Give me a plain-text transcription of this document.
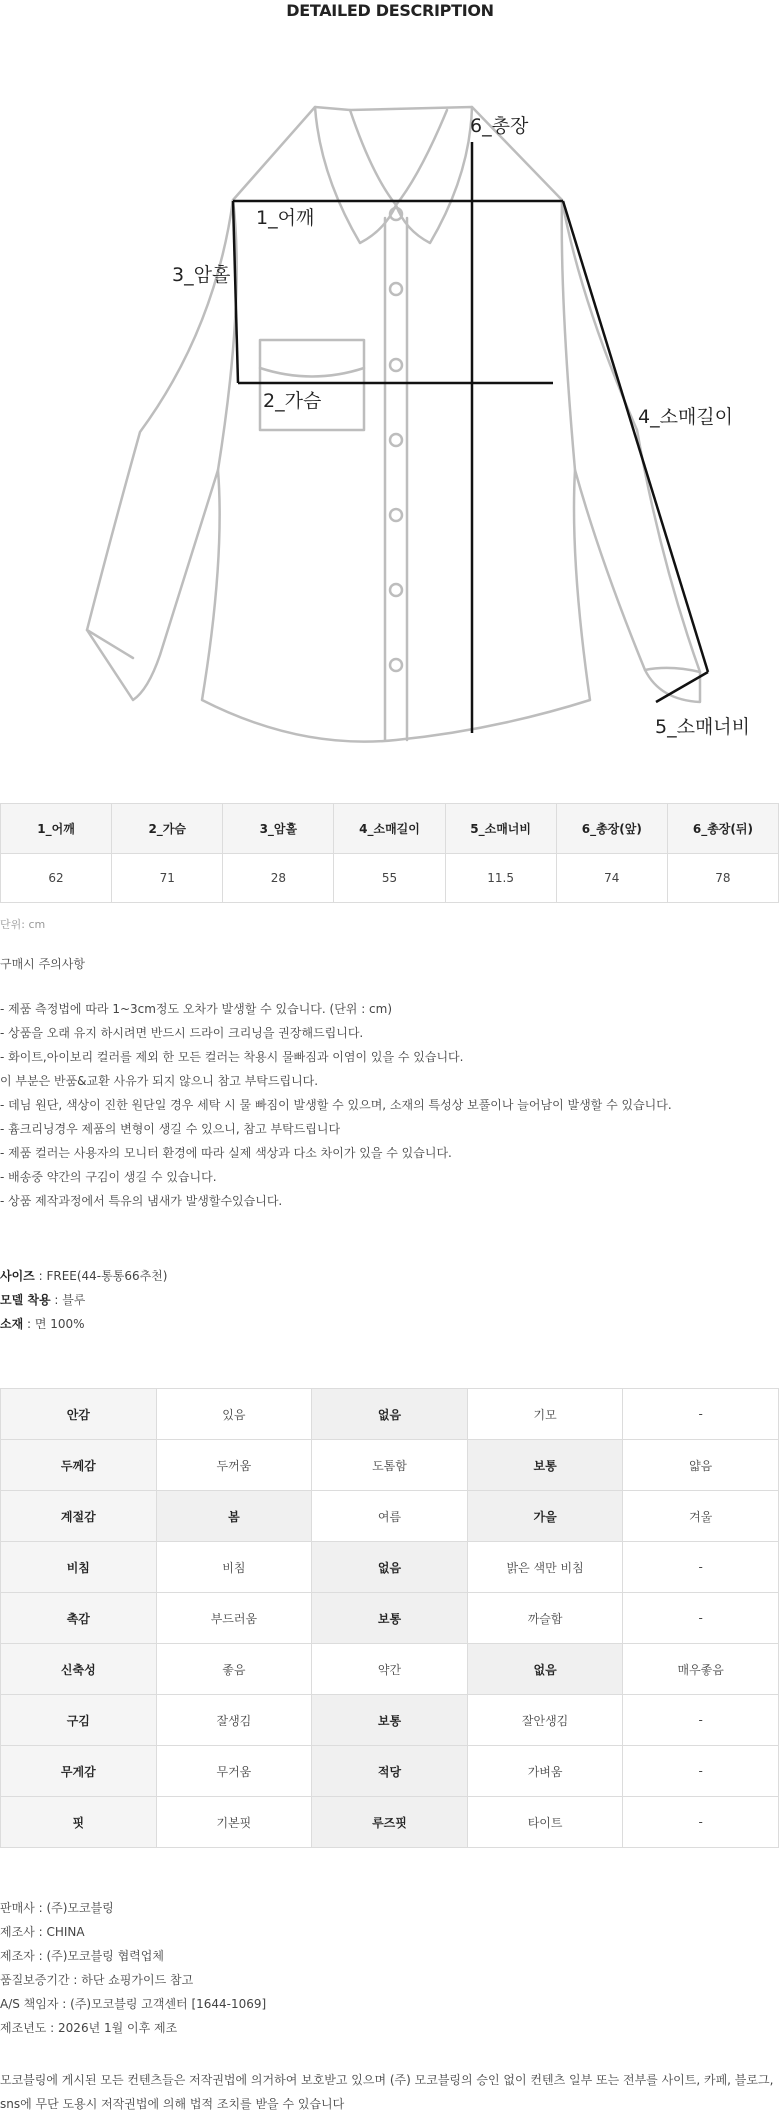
DETAILED DESCRIPTION
1_어깨
3_암홀
2_가슴
6_총장
4_소매길이
5_소매너비
1_어깨	2_가슴	3_암홀	4_소매길이	5_소매너비	6_총장(앞)	6_총장(뒤)
62	71	28	55	11.5	74	78
단위: cm
구매시 주의사항
- 제품 측정법에 따라 1~3cm정도 오차가 발생할 수 있습니다. (단위 : cm)
- 상품을 오래 유지 하시려면 반드시 드라이 크리닝을 권장해드립니다.
- 화이트,아이보리 컬러를 제외 한 모든 컬러는 착용시 물빠짐과 이염이 있을 수 있습니다.
이 부분은 반품&교환 사유가 되지 않으니 참고 부탁드립니다.
- 데님 원단, 색상이 진한 원단일 경우 세탁 시 물 빠짐이 발생할 수 있으며, 소재의 특성상 보풀이나 늘어남이 발생할 수 있습니다.
- 흄크리닝경우 제품의 변형이 생길 수 있으니, 참고 부탁드립니다
- 제품 컬러는 사용자의 모니터 환경에 따라 실제 색상과 다소 차이가 있을 수 있습니다.
- 배송중 약간의 구김이 생길 수 있습니다.
- 상품 제작과정에서 특유의 냄새가 발생할수있습니다.
사이즈 : FREE(44-통통66추천)
모델 착용 : 블루
소재 : 면 100%
안감	있음	없음	기모	-
두께감	두꺼움	도톰함	보통	얇음
계절감	봄	여름	가을	겨울
비침	비침	없음	밝은 색만 비침	-
촉감	부드러움	보통	까슬함	-
신축성	좋음	약간	없음	매우좋음
구김	잘생김	보통	잘안생김	-
무게감	무거움	적당	가벼움	-
핏	기본핏	루즈핏	타이트	-
판매사 : (주)모코블링
제조사 : CHINA
제조자 : (주)모코블링 협력업체
품질보증기간 : 하단 쇼핑가이드 참고
A/S 책임자 : (주)모코블링 고객센터 [1644-1069]
제조년도 : 2026년 1월 이후 제조
모코블링에 게시된 모든 컨텐츠들은 저작권법에 의거하여 보호받고 있으며 (주) 모코블링의 승인 없이 컨텐츠 일부 또는 전부를 사이트, 카페, 블로그, sns에 무단 도용시 저작권법에 의해 법적 조치를 받을 수 있습니다
